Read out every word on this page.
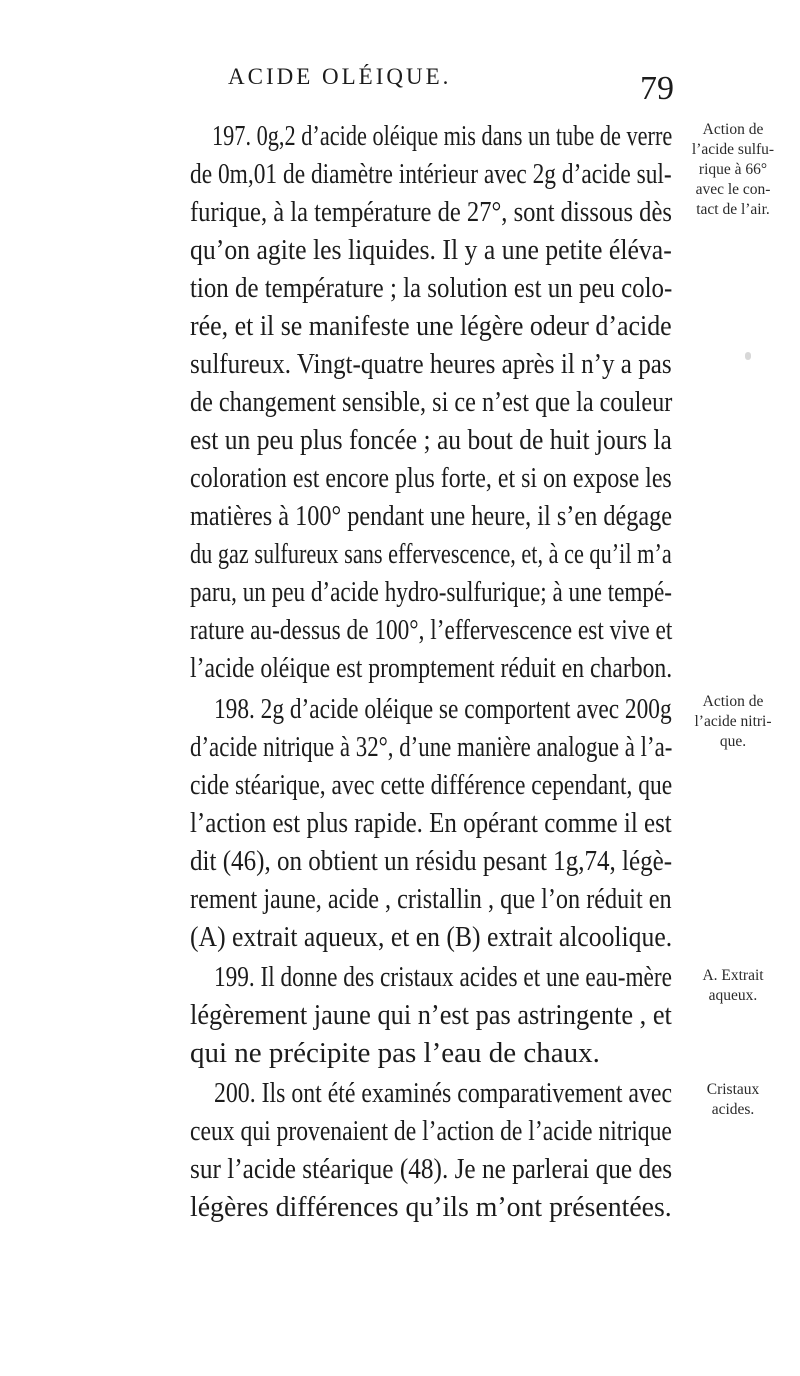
ACIDE OLÉIQUE.	79
197. 0g,2 d’acide oléique mis dans un tube de verre
de 0m,01 de diamètre intérieur avec 2g d’acide sul-
furique, à la température de 27°, sont dissous dès
qu’on agite les liquides. Il y a une petite éléva-
tion de température ; la solution est un peu colo-
rée, et il se manifeste une légère odeur d’acide
sulfureux. Vingt-quatre heures après il n’y a pas
de changement sensible, si ce n’est que la couleur
est un peu plus foncée ; au bout de huit jours la
coloration est encore plus forte, et si on expose les
matières à 100° pendant une heure, il s’en dégage
du gaz sulfureux sans effervescence, et, à ce qu’il m’a
paru, un peu d’acide hydro-sulfurique; à une tempé-
rature au-dessus de 100°, l’effervescence est vive et
l’acide oléique est promptement réduit en charbon.
198. 2g d’acide oléique se comportent avec 200g
d’acide nitrique à 32°, d’une manière analogue à l’a-
cide stéarique, avec cette différence cependant, que
l’action est plus rapide. En opérant comme il est
dit (46), on obtient un résidu pesant 1g,74, légè-
rement jaune, acide , cristallin , que l’on réduit en
(A) extrait aqueux, et en (B) extrait alcoolique.
199. Il donne des cristaux acides et une eau-mère
légèrement jaune qui n’est pas astringente , et
qui ne précipite pas l’eau de chaux.
200. Ils ont été examinés comparativement avec
ceux qui provenaient de l’action de l’acide nitrique
sur l’acide stéarique (48). Je ne parlerai que des
légères différences qu’ils m’ont présentées.
Action de
l’acide sulfu-
rique à 66°
avec le con-
tact de l’air.
Action de
l’acide nitri-
que.
A. Extrait
aqueux.
Cristaux
acides.
